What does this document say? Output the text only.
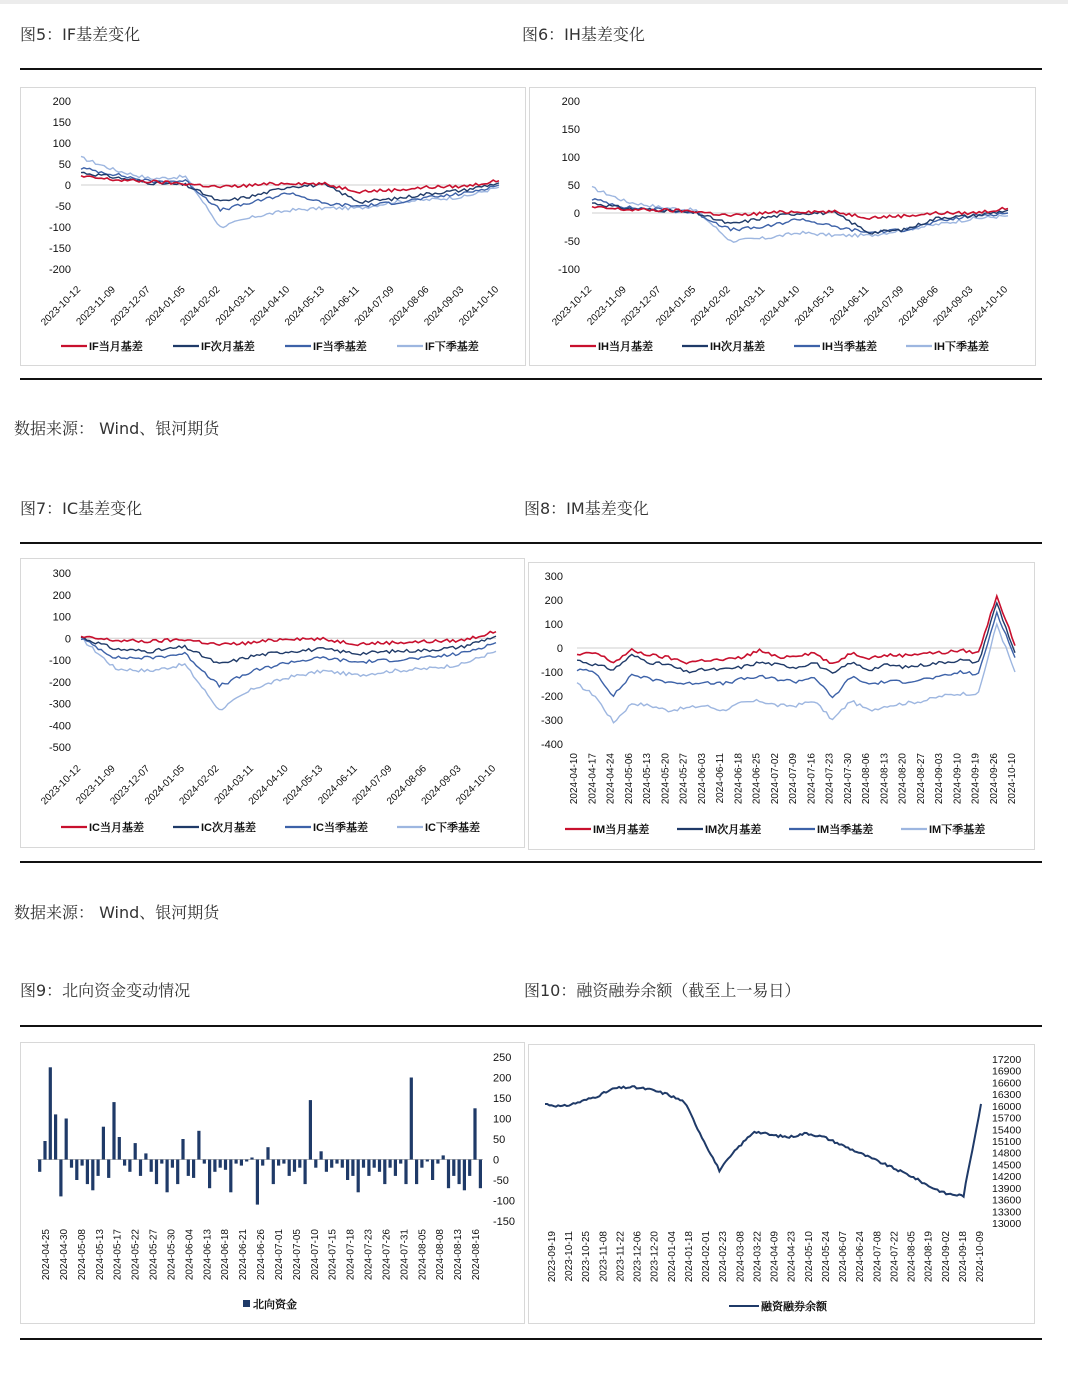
图5：IF基差变化	图6：IH基差变化
200
150
100
50
0
-50
-100
-150
-200
2023-10-12
2023-11-09
2023-12-07
2024-01-05
2024-02-02
2024-03-11
2024-04-10
2024-05-13
2024-06-11
2024-07-09
2024-08-06
2024-09-03
2024-10-10
IF当月基差	IF次月基差	IF当季基差	IF下季基差
200
150
100
50
0
-50
-100
2023-10-12
2023-11-09
2023-12-07
2024-01-05
2024-02-02
2024-03-11
2024-04-10
2024-05-13
2024-06-11
2024-07-09
2024-08-06
2024-09-03
2024-10-10
IH当月基差	IH次月基差	IH当季基差	IH下季基差
数据来源： Wind、银河期货
图7：IC基差变化	图8：IM基差变化
300
200
100
0
-100
-200
-300
-400
-500
2023-10-12
2023-11-09
2023-12-07
2024-01-05
2024-02-02
2024-03-11
2024-04-10
2024-05-13
2024-06-11
2024-07-09
2024-08-06
2024-09-03
2024-10-10
IC当月基差	IC次月基差	IC当季基差	IC下季基差
300
200
100
0
-100
-200
-300
-400
2024-04-10 2024-04-17 2024-04-24 2024-05-06 2024-05-13 2024-05-20 2024-05-27 2024-06-03 2024-06-11 2024-06-18 2024-06-25 2024-07-02 2024-07-09 2024-07-16 2024-07-23 2024-07-30 2024-08-06 2024-08-13 2024-08-20 2024-08-27 2024-09-03 2024-09-10 2024-09-19 2024-09-26 2024-10-10
IM当月基差	IM次月基差	IM当季基差	IM下季基差
数据来源： Wind、银河期货
图9：北向资金变动情况	图10：融资融券余额（截至上一易日）
250
200
150
100
50
0
-50
-100
-150
2024-04-25 2024-04-30 2024-05-08 2024-05-13 2024-05-17 2024-05-22 2024-05-27 2024-05-30 2024-06-04 2024-06-13 2024-06-18 2024-06-21 2024-06-26 2024-07-01 2024-07-05 2024-07-10 2024-07-15 2024-07-18 2024-07-23 2024-07-26 2024-07-31 2024-08-05 2024-08-08 2024-08-13 2024-08-16
北向资金
17200
16900
16600
16300
16000
15700
15400
15100
14800
14500
14200
13900
13600
13300
13000
2023-09-19 2023-10-11 2023-10-25 2023-11-08 2023-11-22 2023-12-06 2023-12-20 2024-01-04 2024-01-18 2024-02-01 2024-02-23 2024-03-08 2024-03-22 2024-04-09 2024-04-23 2024-05-10 2024-05-24 2024-06-07 2024-06-24 2024-07-08 2024-07-22 2024-08-05 2024-08-19 2024-09-02 2024-09-18 2024-10-09
融资融券余额
